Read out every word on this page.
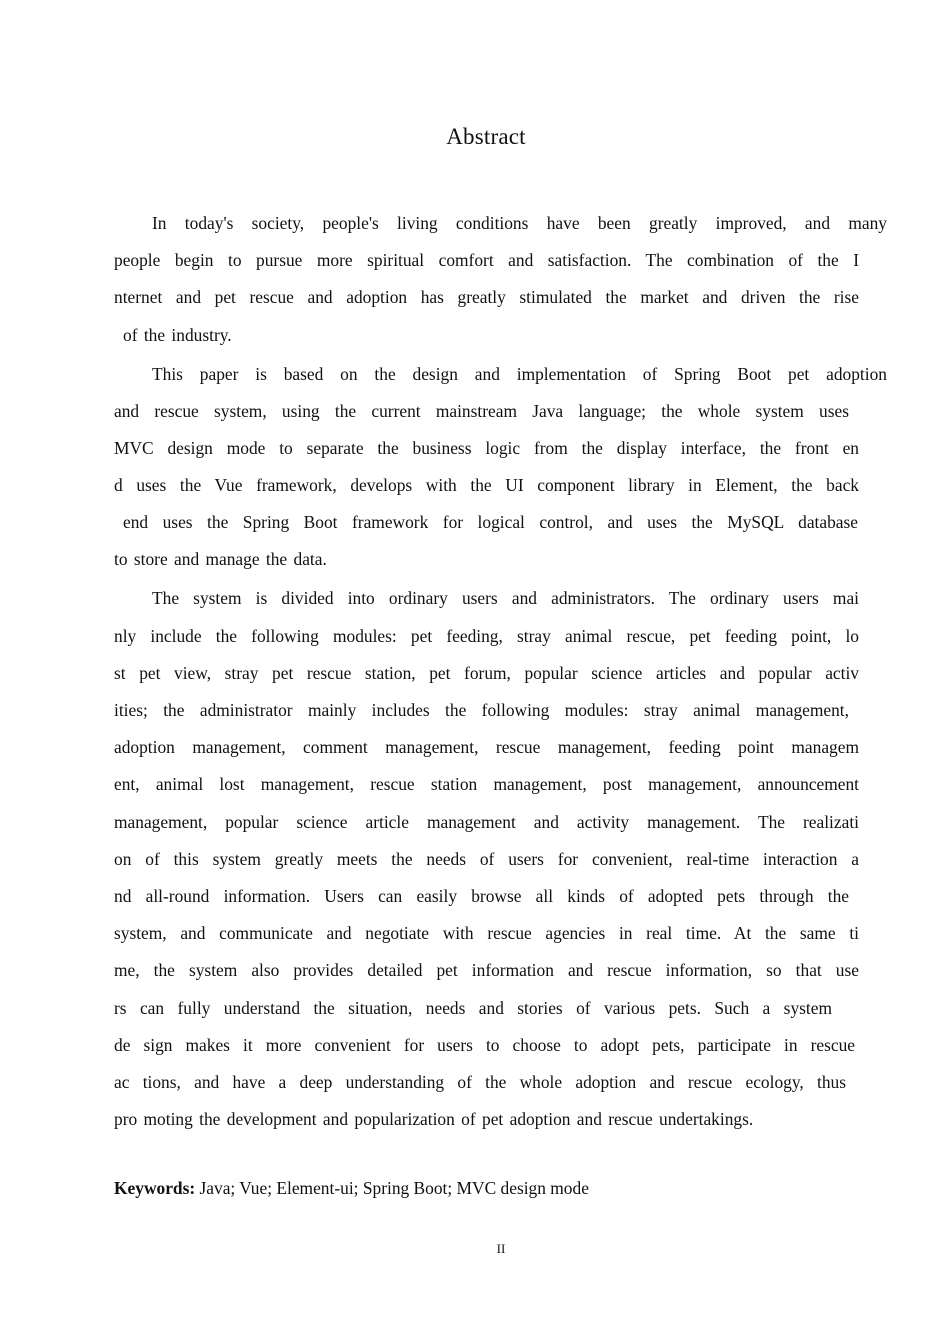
Abstract
In today's society, people's living conditions have been greatly improved, and many
people begin to pursue more spiritual comfort and satisfaction. The combination of the I
nternet and pet rescue and adoption has greatly stimulated the market and driven the rise
of the industry.
This paper is based on the design and implementation of Spring Boot pet adoption
and rescue system, using the current mainstream Java language; the whole system uses
MVC design mode to separate the business logic from the display interface, the front en
d uses the Vue framework, develops with the UI component library in Element, the back
end uses the Spring Boot framework for logical control, and uses the MySQL database
to store and manage the data.
The system is divided into ordinary users and administrators. The ordinary users mai
nly include the following modules: pet feeding, stray animal rescue, pet feeding point, lo
st pet view, stray pet rescue station, pet forum, popular science articles and popular activ
ities; the administrator mainly includes the following modules: stray animal management,
adoption management, comment management, rescue management, feeding point managem
ent, animal lost management, rescue station management, post management, announcement
management, popular science article management and activity management. The realizati
on of this system greatly meets the needs of users for convenient, real-time interaction a
nd all-round information. Users can easily browse all kinds of adopted pets through the
system, and communicate and negotiate with rescue agencies in real time. At the same ti
me, the system also provides detailed pet information and rescue information, so that use
rs can fully understand the situation, needs and stories of various pets. Such a system
de sign makes it more convenient for users to choose to adopt pets, participate in rescue
ac tions, and have a deep understanding of the whole adoption and rescue ecology, thus
pro moting the development and popularization of pet adoption and rescue undertakings.
Keywords: Java; Vue; Element-ui; Spring Boot; MVC design mode
II
